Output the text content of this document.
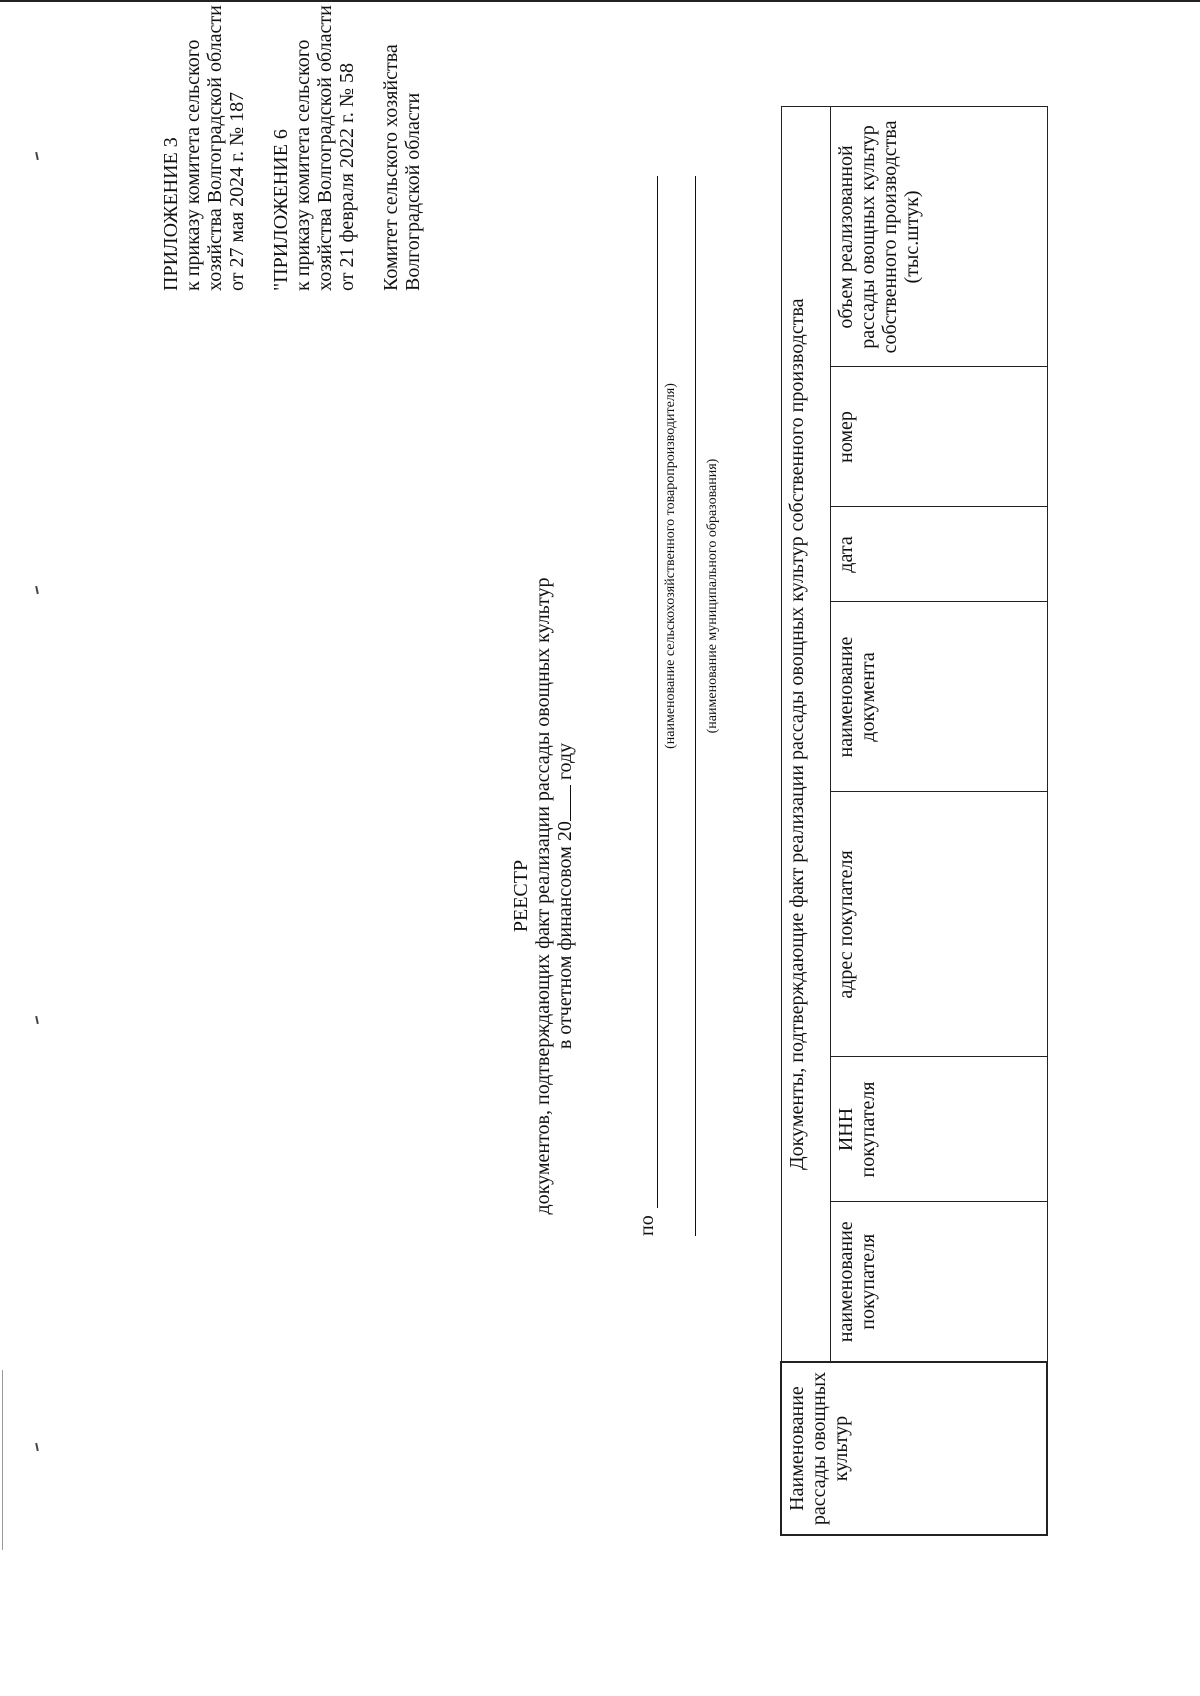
ПРИЛОЖЕНИЕ 3 к приказу комитета сельского хозяйства Волгоградской области от 27 мая 2024 г. № 187 "ПРИЛОЖЕНИЕ 6 к приказу комитета сельского хозяйства Волгоградской области от 21 февраля 2022 г. № 58 Комитет сельского хозяйства Волгоградской области
РЕЕСТР документов, подтверждающих факт реализации рассады овощных культур в отчетном финансовом 20 году
по
(наименование сельскохозяйственного товаропроизводителя) (наименование муниципального образования)
Наименование рассады овощных культур	Документы, подтверждающие факт реализации рассады овощных культур собственного производства						
	наименование покупателя	ИНН покупателя	адрес покупателя	наименование документа	дата	номер	объем реализованной рассады овощных культур собственного производства (тыс.штук)
